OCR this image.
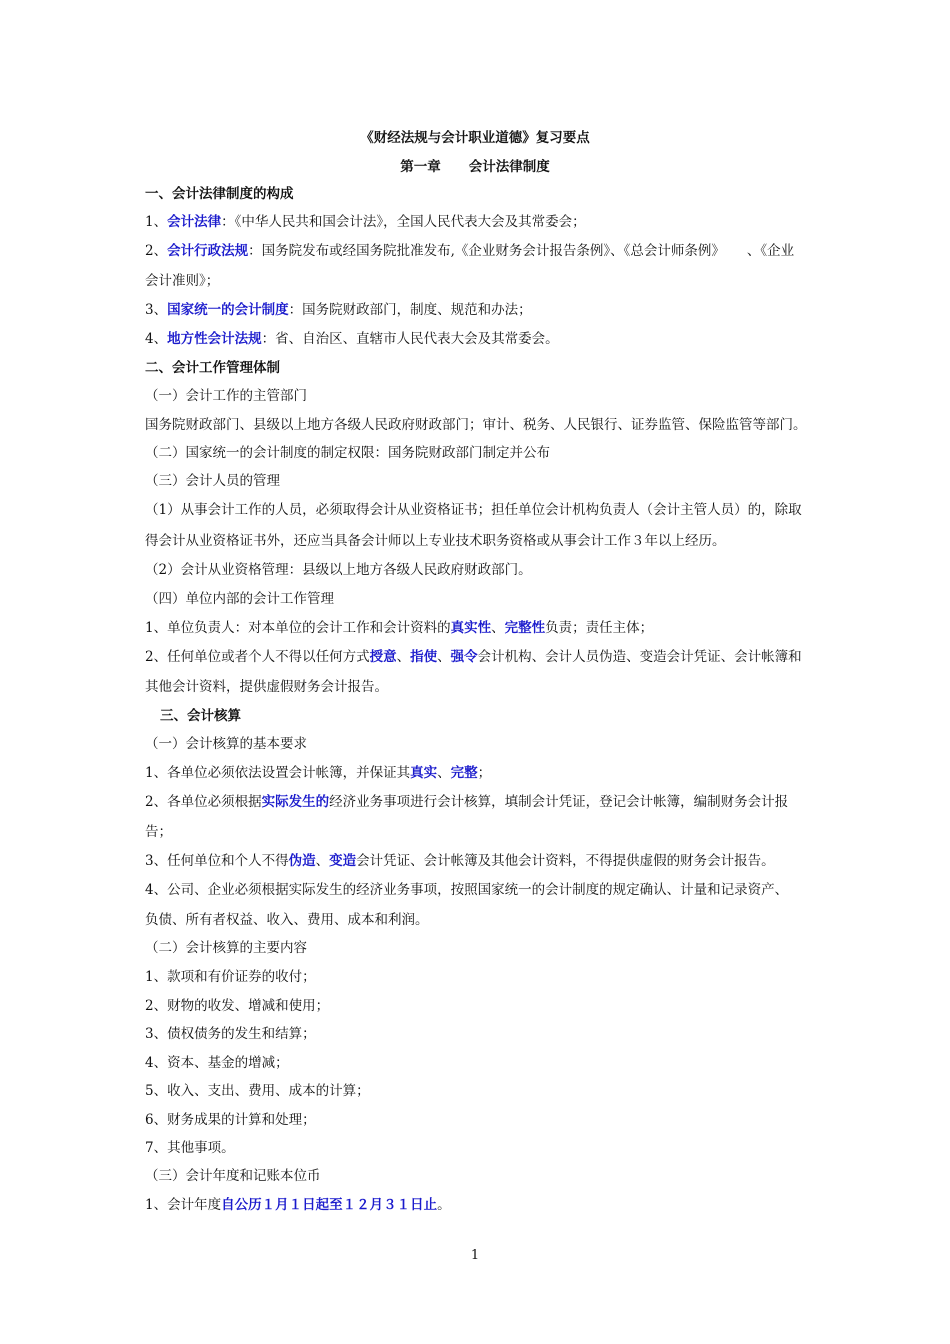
《财经法规与会计职业道德》复习要点
第一章 会计法律制度
一、会计法律制度的构成
1、会计法律：《中华人民共和国会计法》，全国人民代表大会及其常委会；
2、会计行政法规：国务院发布或经国务院批准发布,《企业财务会计报告条例》、《总会计师条例》 、《企业
会计准则》；
3、国家统一的会计制度：国务院财政部门，制度、规范和办法；
4、地方性会计法规：省、自治区、直辖市人民代表大会及其常委会。
二、会计工作管理体制
（一）会计工作的主管部门
国务院财政部门、县级以上地方各级人民政府财政部门；审计、税务、人民银行、证券监管、保险监管等部门。
（二）国家统一的会计制度的制定权限：国务院财政部门制定并公布
（三）会计人员的管理
（1）从事会计工作的人员，必须取得会计从业资格证书；担任单位会计机构负责人（会计主管人员）的，除取
得会计从业资格证书外，还应当具备会计师以上专业技术职务资格或从事会计工作３年以上经历。
（2）会计从业资格管理：县级以上地方各级人民政府财政部门。
（四）单位内部的会计工作管理
1、单位负责人：对本单位的会计工作和会计资料的真实性、完整性负责；责任主体；
2、任何单位或者个人不得以任何方式授意、指使、强令会计机构、会计人员伪造、变造会计凭证、会计帐簿和
其他会计资料，提供虚假财务会计报告。
三、会计核算
（一）会计核算的基本要求
1、各单位必须依法设置会计帐簿，并保证其真实、完整；
2、各单位必须根据实际发生的经济业务事项进行会计核算，填制会计凭证，登记会计帐簿，编制财务会计报
告；
3、任何单位和个人不得伪造、变造会计凭证、会计帐簿及其他会计资料，不得提供虚假的财务会计报告。
4、公司、企业必须根据实际发生的经济业务事项，按照国家统一的会计制度的规定确认、计量和记录资产、
负债、所有者权益、收入、费用、成本和利润。
（二）会计核算的主要内容
1、款项和有价证券的收付；
2、财物的收发、增减和使用；
3、债权债务的发生和结算；
4、资本、基金的增减；
5、收入、支出、费用、成本的计算；
6、财务成果的计算和处理；
7、其他事项。
（三）会计年度和记账本位币
1、会计年度自公历１月１日起至１２月３１日止。
1
